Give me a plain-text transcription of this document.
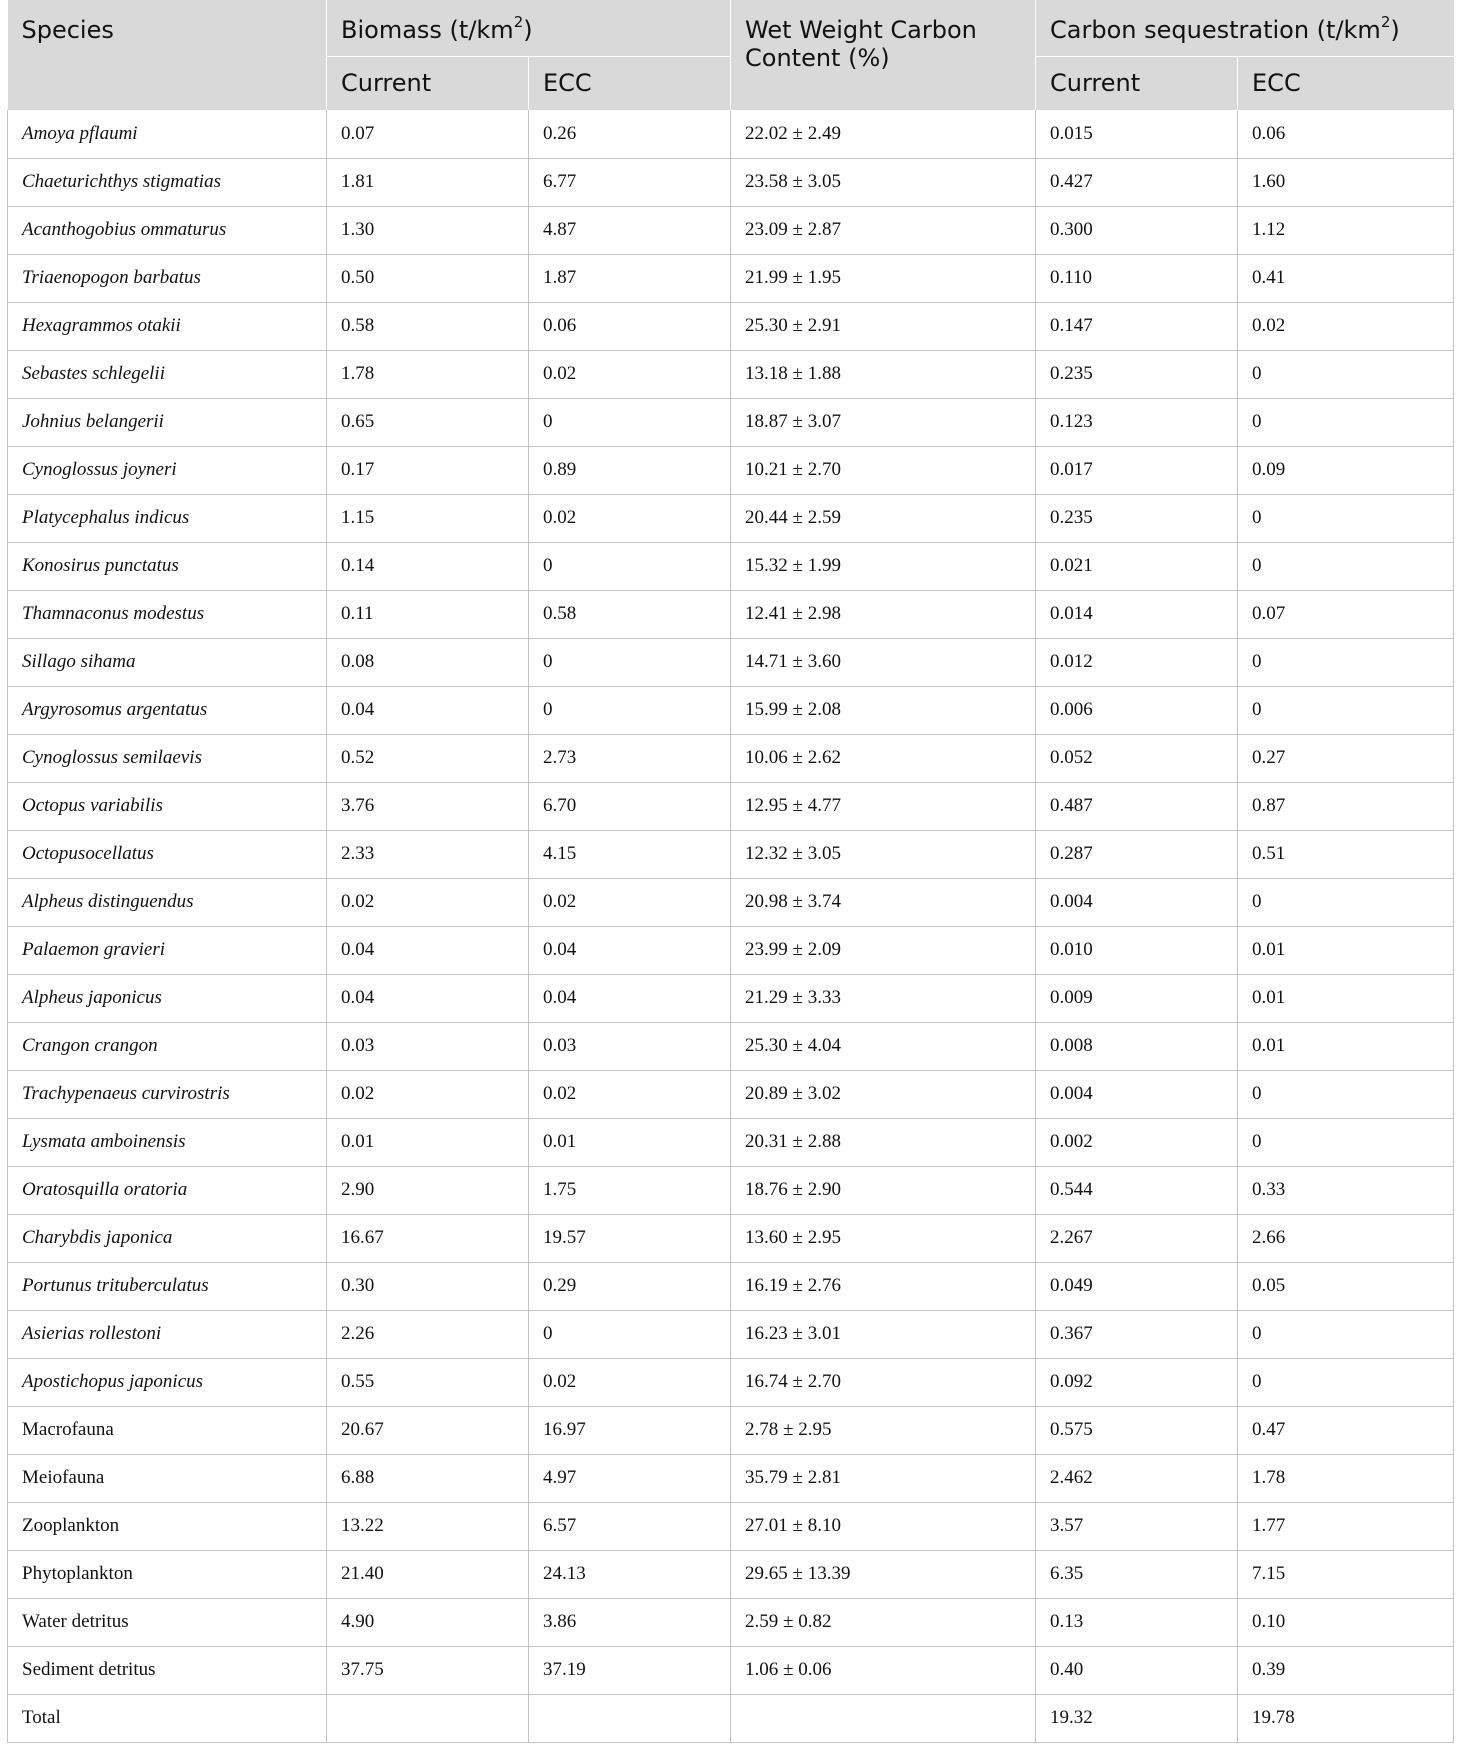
Species	Biomass $(t/km^2)$		Wet Weight Carbon Content (%)	Carbon sequestration $(t/km^2)$	
	Current	ECC		Current	ECC
Amoya pflaumi	0.07	0.26	22.02 ± 2.49	0.015	0.06
Chaeturichthys stigmatias	1.81	6.77	23.58 ± 3.05	0.427	1.60
Acanthogobius ommaturus	1.30	4.87	23.09 ± 2.87	0.300	1.12
Triaenopogon barbatus	0.50	1.87	21.99 ± 1.95	0.110	0.41
Hexagrammos otakii	0.58	0.06	25.30 ± 2.91	0.147	0.02
Sebastes schlegelii	1.78	0.02	13.18 ± 1.88	0.235	0
Johnius belangerii	0.65	0	18.87 ± 3.07	0.123	0
Cynoglossus joyneri	0.17	0.89	10.21 ± 2.70	0.017	0.09
Platycephalus indicus	1.15	0.02	20.44 ± 2.59	0.235	0
Konosirus punctatus	0.14	0	15.32 ± 1.99	0.021	0
Thamnaconus modestus	0.11	0.58	12.41 ± 2.98	0.014	0.07
Sillago sihama	0.08	0	14.71 ± 3.60	0.012	0
Argyrosomus argentatus	0.04	0	15.99 ± 2.08	0.006	0
Cynoglossus semilaevis	0.52	2.73	10.06 ± 2.62	0.052	0.27
Octopus variabilis	3.76	6.70	12.95 ± 4.77	0.487	0.87
Octopusocellatus	2.33	4.15	12.32 ± 3.05	0.287	0.51
Alpheus distinguendus	0.02	0.02	20.98 ± 3.74	0.004	0
Palaemon gravieri	0.04	0.04	23.99 ± 2.09	0.010	0.01
Alpheus japonicus	0.04	0.04	21.29 ± 3.33	0.009	0.01
Crangon crangon	0.03	0.03	25.30 ± 4.04	0.008	0.01
Trachypenaeus curvirostris	0.02	0.02	20.89 ± 3.02	0.004	0
Lysmata amboinensis	0.01	0.01	20.31 ± 2.88	0.002	0
Oratosquilla oratoria	2.90	1.75	18.76 ± 2.90	0.544	0.33
Charybdis japonica	16.67	19.57	13.60 ± 2.95	2.267	2.66
Portunus trituberculatus	0.30	0.29	16.19 ± 2.76	0.049	0.05
Asierias rollestoni	2.26	0	16.23 ± 3.01	0.367	0
Apostichopus japonicus	0.55	0.02	16.74 ± 2.70	0.092	0
Macrofauna	20.67	16.97	2.78 ± 2.95	0.575	0.47
Meiofauna	6.88	4.97	35.79 ± 2.81	2.462	1.78
Zooplankton	13.22	6.57	27.01 ± 8.10	3.57	1.77
Phytoplankton	21.40	24.13	29.65 ± 13.39	6.35	7.15
Water detritus	4.90	3.86	2.59 ± 0.82	0.13	0.10
Sediment detritus	37.75	37.19	1.06 ± 0.06	0.40	0.39
Total				19.32	19.78
